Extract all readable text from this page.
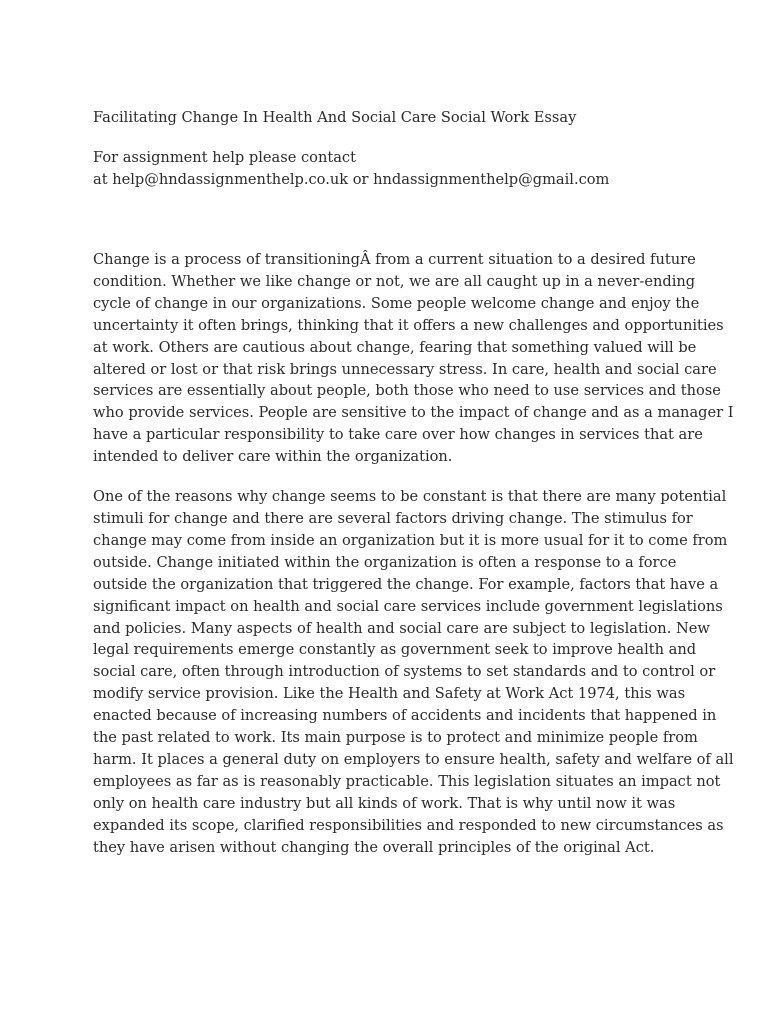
Facilitating Change In Health And Social Care Social Work Essay

For assignment help please contact
at help@hndassignmenthelp.co.uk or hndassignmenthelp@gmail.com

Change is a process of transitioningÂ from a current situation to a desired future
condition. Whether we like change or not, we are all caught up in a never-ending
cycle of change in our organizations. Some people welcome change and enjoy the
uncertainty it often brings, thinking that it offers a new challenges and opportunities
at work. Others are cautious about change, fearing that something valued will be
altered or lost or that risk brings unnecessary stress. In care, health and social care
services are essentially about people, both those who need to use services and those
who provide services. People are sensitive to the impact of change and as a manager I
have a particular responsibility to take care over how changes in services that are
intended to deliver care within the organization.

One of the reasons why change seems to be constant is that there are many potential
stimuli for change and there are several factors driving change. The stimulus for
change may come from inside an organization but it is more usual for it to come from
outside. Change initiated within the organization is often a response to a force
outside the organization that triggered the change. For example, factors that have a
significant impact on health and social care services include government legislations
and policies. Many aspects of health and social care are subject to legislation. New
legal requirements emerge constantly as government seek to improve health and
social care, often through introduction of systems to set standards and to control or
modify service provision. Like the Health and Safety at Work Act 1974, this was
enacted because of increasing numbers of accidents and incidents that happened in
the past related to work. Its main purpose is to protect and minimize people from
harm. It places a general duty on employers to ensure health, safety and welfare of all
employees as far as is reasonably practicable. This legislation situates an impact not
only on health care industry but all kinds of work. That is why until now it was
expanded its scope, clarified responsibilities and responded to new circumstances as
they have arisen without changing the overall principles of the original Act.
